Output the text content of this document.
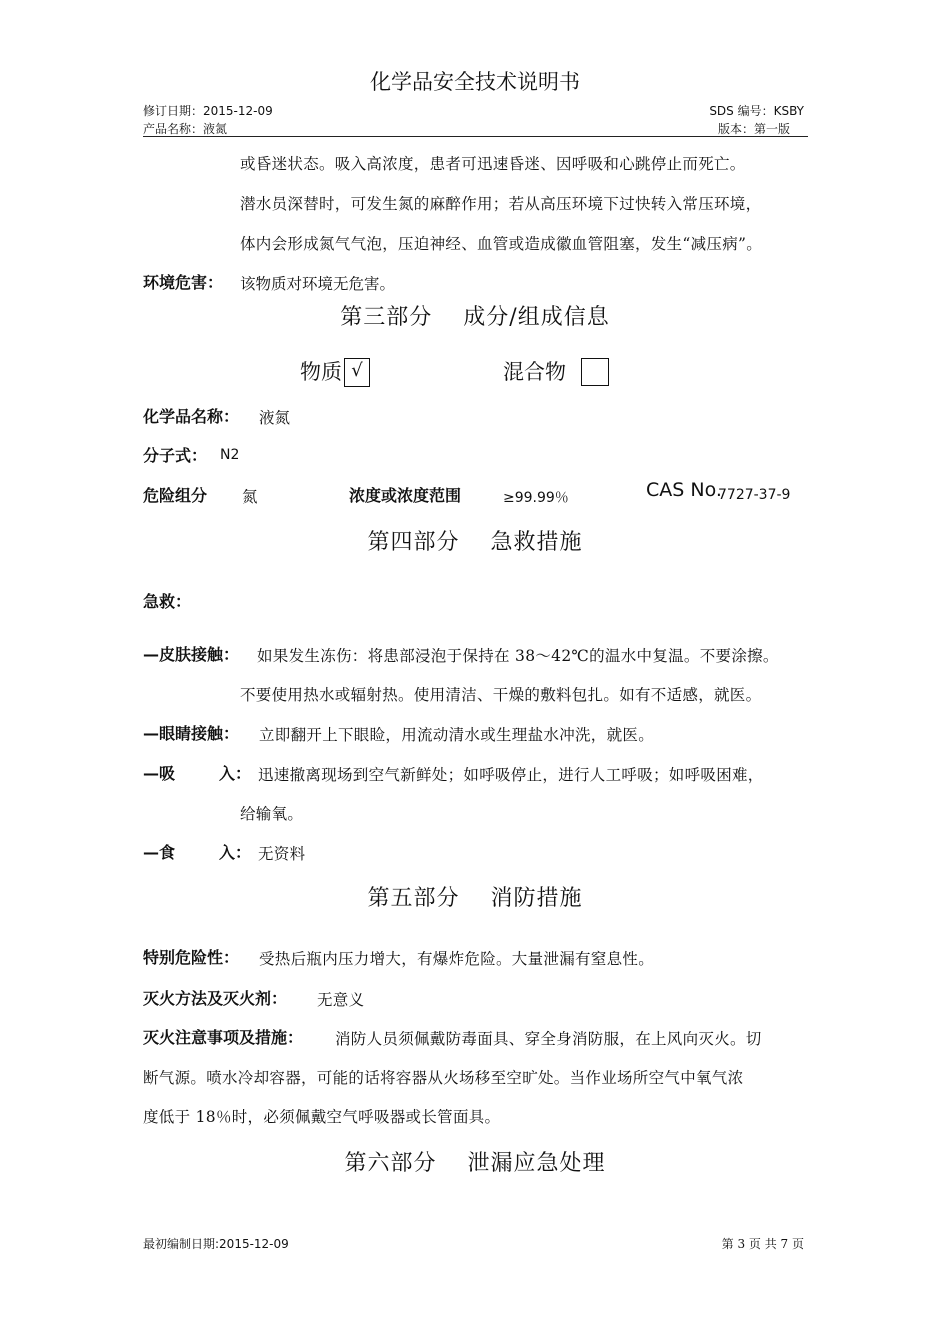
化学品安全技术说明书
修订日期：2015-12-09	SDS 编号：KSBY
产品名称：液氮	版本：第一版
或昏迷状态。吸入高浓度，患者可迅速昏迷、因呼吸和心跳停止而死亡。
潜水员深替时，可发生氮的麻醉作用；若从高压环境下过快转入常压环境，
体内会形成氮气气泡，压迫神经、血管或造成徽血管阻塞，发生“减压病”。
环境危害： 该物质对环境无危害。
第三部分　 成分/组成信息
物质 √	混合物
化学品名称： 液氮
分子式： N2
危险组分 氮	浓度或浓度范围	≥99.99％	CAS No.
7727-37-9
第四部分　 急救措施
急救：
—皮肤接触： 如果发生冻伤：将患部浸泡于保持在 38～42℃的温水中复温。不要涂擦。
不要使用热水或辐射热。使用清洁、干燥的敷料包扎。如有不适感，就医。
—眼睛接触： 立即翻开上下眼睑，用流动清水或生理盐水冲洗，就医。
—吸	入： 迅速撤离现场到空气新鲜处；如呼吸停止，进行人工呼吸；如呼吸困难，
给输氧。
—食	入： 无资料
第五部分　 消防措施
特别危险性： 受热后瓶内压力增大，有爆炸危险。大量泄漏有窒息性。
灭火方法及灭火剂： 无意义
灭火注意事项及措施： 消防人员须佩戴防毒面具、穿全身消防服，在上风向灭火。切
断气源。喷水冷却容器，可能的话将容器从火场移至空旷处。当作业场所空气中氧气浓
度低于 18％时，必须佩戴空气呼吸器或长管面具。
第六部分　 泄漏应急处理
最初编制日期:2015-12-09	第 3 页 共 7 页
